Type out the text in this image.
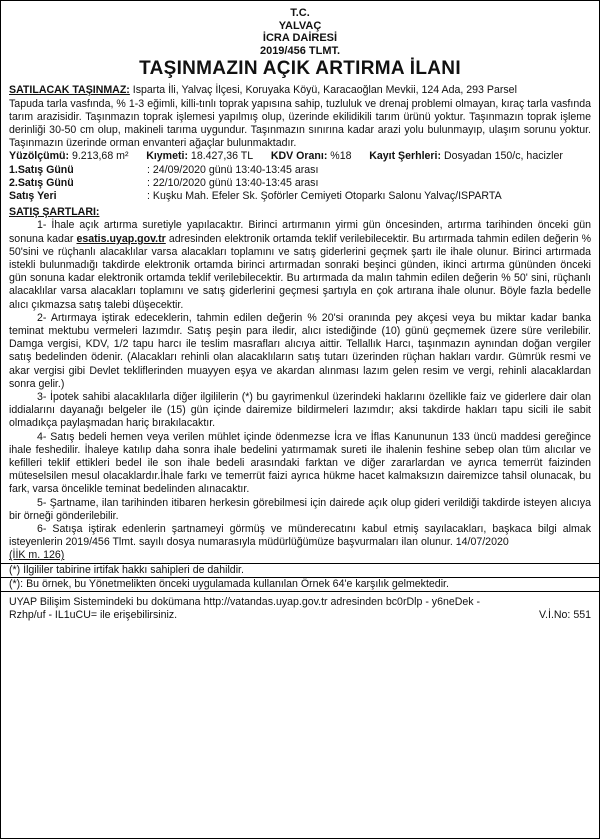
T.C.
YALVAÇ
İCRA DAİRESİ
2019/456 TLMT.
TAŞINMAZIN AÇIK ARTIRMA İLANI

SATILACAK TAŞINMAZ: Isparta İli, Yalvaç İlçesi, Koruyaka Köyü, Karacaoğlan Mevkii, 124 Ada, 293 Parsel

Tapuda tarla vasfında, % 1-3 eğimli, killi-tınlı toprak yapısına sahip, tuzluluk ve drenaj problemi olmayan, kıraç tarla vasfında tarım arazisidir. Taşınmazın toprak işlemesi yapılmış olup, üzerinde ekilidikili tarım ürünü yoktur. Taşınmazın toprak işleme derinliği 30-50 cm olup, makineli tarıma uygundur. Taşınmazın sınırına kadar arazi yolu bulunmayıp, ulaşım sorunu yoktur. Taşınmazın üzerinde orman envanteri ağaçlar bulunmaktadır.

Yüzölçümü: 9.213,68 m² Kıymeti: 18.427,36 TL KDV Oranı: %18 Kayıt Şerhleri: Dosyadan 150/c, hacizler

1.Satış Günü	: 24/09/2020 günü 13:40-13:45 arası
2.Satış Günü	: 22/10/2020 günü 13:40-13:45 arası
Satış Yeri	: Kuşku Mah. Efeler Sk. Şoförler Cemiyeti Otoparkı Salonu Yalvaç/ISPARTA
SATIŞ ŞARTLARI:

1- İhale açık artırma suretiyle yapılacaktır. Birinci artırmanın yirmi gün öncesinden, artırma tarihinden önceki gün sonuna kadar esatis.uyap.gov.tr adresinden elektronik ortamda teklif verilebilecektir. Bu artırmada tahmin edilen değerin % 50'sini ve rüçhanlı alacaklılar varsa alacakları toplamını ve satış giderlerini geçmek şartı ile ihale olunur. Birinci artırmada istekli bulunmadığı takdirde elektronik ortamda birinci artırmadan sonraki beşinci günden, ikinci artırma gününden önceki gün sonuna kadar elektronik ortamda teklif verilebilecektir. Bu artırmada da malın tahmin edilen değerin % 50' sini, rüçhanlı alacaklılar varsa alacakları toplamını ve satış giderlerini geçmesi şartıyla en çok artırana ihale olunur. Böyle fazla bedelle alıcı çıkmazsa satış talebi düşecektir.

2- Artırmaya iştirak edeceklerin, tahmin edilen değerin % 20'si oranında pey akçesi veya bu miktar kadar banka teminat mektubu vermeleri lazımdır. Satış peşin para iledir, alıcı istediğinde (10) günü geçmemek üzere süre verilebilir. Damga vergisi, KDV, 1/2 tapu harcı ile teslim masrafları alıcıya aittir. Tellallık Harcı, taşınmazın aynından doğan vergiler satış bedelinden ödenir. (Alacakları rehinli olan alacaklıların satış tutarı üzerinden rüçhan hakları vardır. Gümrük resmi ve akar vergisi gibi Devlet tekliflerinden muayyen eşya ve akardan alınması lazım gelen resim ve vergi, rehinli alacaklardan sonra gelir.)

3- İpotek sahibi alacaklılarla diğer ilgililerin (*) bu gayrimenkul üzerindeki haklarını özellikle faiz ve giderlere dair olan iddialarını dayanağı belgeler ile (15) gün içinde dairemize bildirmeleri lazımdır; aksi takdirde hakları tapu sicili ile sabit olmadıkça paylaşmadan hariç bırakılacaktır.

4- Satış bedeli hemen veya verilen mühlet içinde ödenmezse İcra ve İflas Kanununun 133 üncü maddesi gereğince ihale feshedilir. İhaleye katılıp daha sonra ihale bedelini yatırmamak sureti ile ihalenin feshine sebep olan tüm alıcılar ve kefilleri teklif ettikleri bedel ile son ihale bedeli arasındaki farktan ve diğer zararlardan ve ayrıca temerrüt faizinden müteselsilen mesul olacaklardır.İhale farkı ve temerrüt faizi ayrıca hükme hacet kalmaksızın dairemizce tahsil olunacak, bu fark, varsa öncelikle teminat bedelinden alınacaktır.

5- Şartname, ilan tarihinden itibaren herkesin görebilmesi için dairede açık olup gideri verildiği takdirde isteyen alıcıya bir örneği gönderilebilir.

6- Satışa iştirak edenlerin şartnameyi görmüş ve münderecatını kabul etmiş sayılacakları, başkaca bilgi almak isteyenlerin 2019/456 Tlmt. sayılı dosya numarasıyla müdürlüğümüze başvurmaları ilan olunur. 14/07/2020

(İİK m. 126)

(*) İlgililer tabirine irtifak hakkı sahipleri de dahildir.

(*): Bu örnek, bu Yönetmelikten önceki uygulamada kullanılan Örnek 64'e karşılık gelmektedir.

UYAP Bilişim Sistemindeki bu dokümana http://vatandas.uyap.gov.tr adresinden bc0rDlp - y6neDek -
Rzhp/uf - IL1uCU= ile erişebilirsiniz.	V.İ.No: 551
